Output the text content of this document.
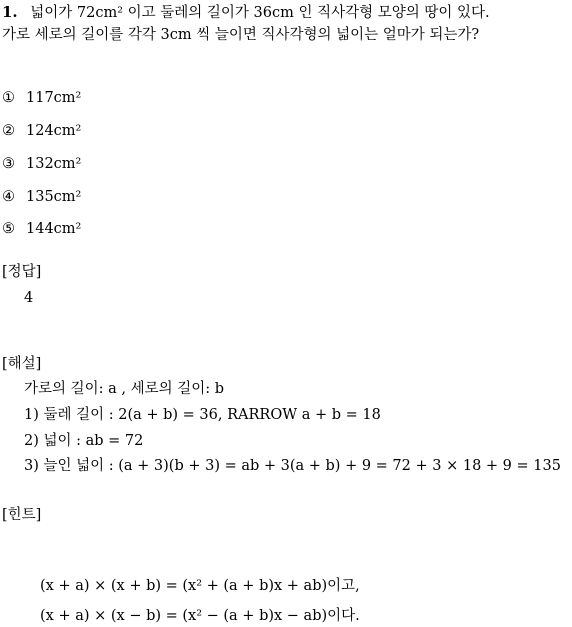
1. 넓이가 72cm² 이고 둘레의 길이가 36cm 인 직사각형 모양의 땅이 있다.
가로 세로의 길이를 각각 3cm 씩 늘이면 직사각형의 넓이는 얼마가 되는가?
① 117cm²
② 124cm²
③ 132cm²
④ 135cm²
⑤ 144cm²
[정답]
4
[해설]
가로의 길이: a , 세로의 길이: b
1) 둘레 길이 : 2(a + b) = 36, RARROW a + b = 18
2) 넓이 : ab = 72
3) 늘인 넓이 : (a + 3)(b + 3) = ab + 3(a + b) + 9 = 72 + 3 × 18 + 9 = 135
[힌트]
(x + a) × (x + b) = (x² + (a + b)x + ab)이고,
(x + a) × (x − b) = (x² − (a + b)x − ab)이다.
